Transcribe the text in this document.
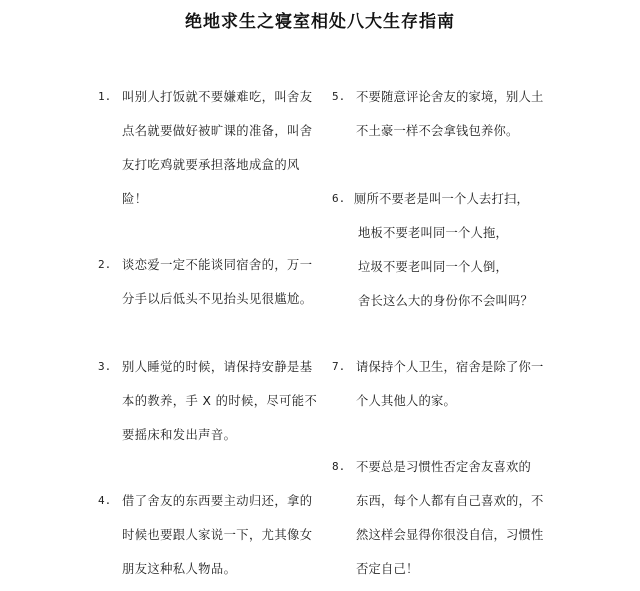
绝地求生之寝室相处八大生存指南
1. 叫别人打饭就不要嫌难吃，叫舍友
点名就要做好被旷课的准备，叫舍
友打吃鸡就要承担落地成盒的风
险！
2. 谈恋爱一定不能谈同宿舍的，万一
分手以后低头不见抬头见很尴尬。
3. 别人睡觉的时候，请保持安静是基
本的教养，手 X 的时候，尽可能不
要摇床和发出声音。
4. 借了舍友的东西要主动归还，拿的
时候也要跟人家说一下，尤其像女
朋友这种私人物品。
5. 不要随意评论舍友的家境，别人土
不土豪一样不会拿钱包养你。
6. 厕所不要老是叫一个人去打扫，
地板不要老叫同一个人拖，
垃圾不要老叫同一个人倒，
舍长这么大的身份你不会叫吗？
7. 请保持个人卫生，宿舍是除了你一
个人其他人的家。
8. 不要总是习惯性否定舍友喜欢的
东西，每个人都有自己喜欢的，不
然这样会显得你很没自信，习惯性
否定自己！
